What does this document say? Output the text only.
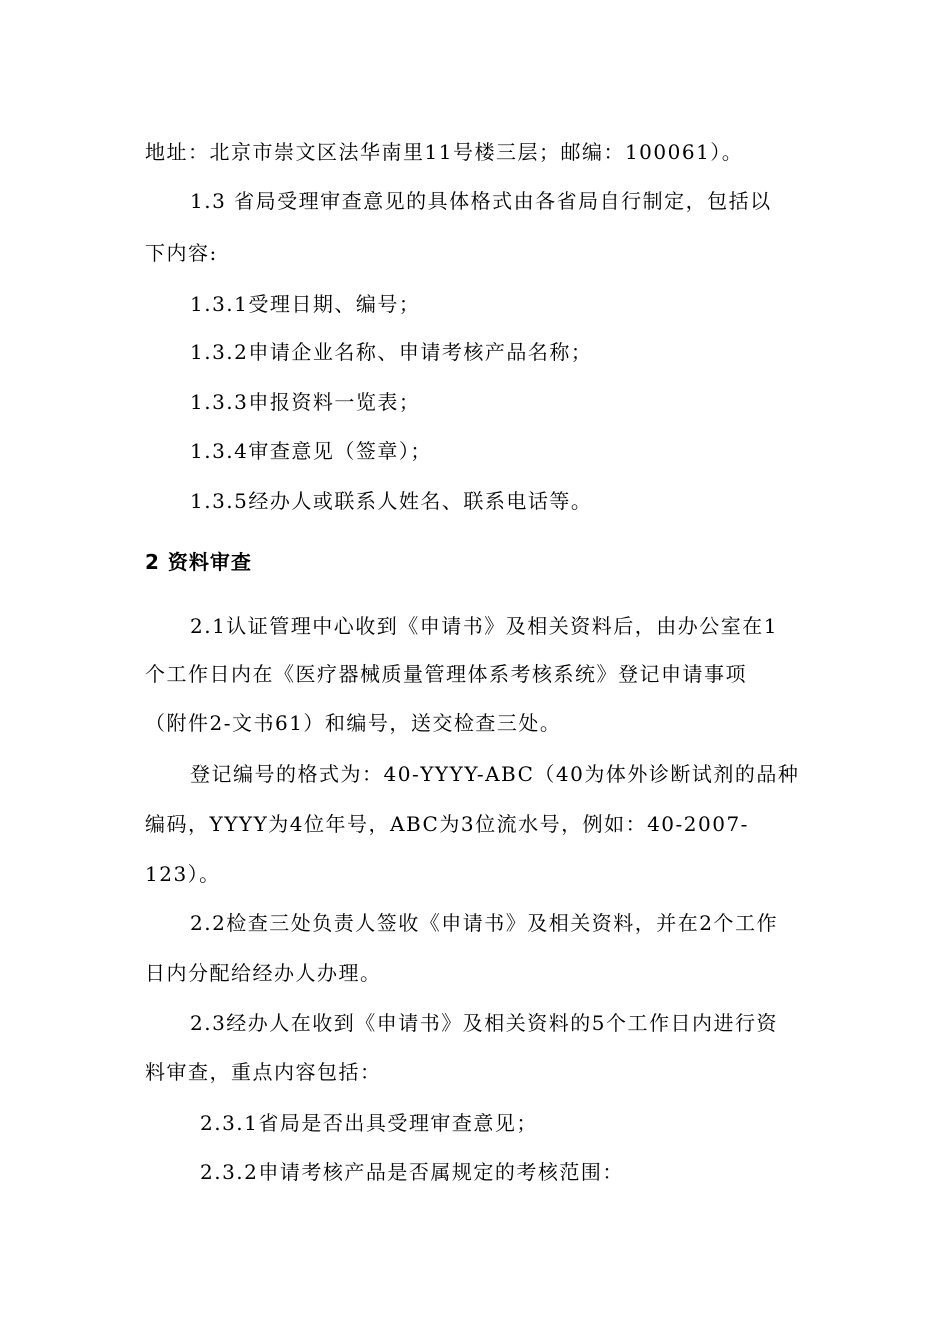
地址：北京市崇文区法华南里11号楼三层；邮编：100061）。
1.3 省局受理审查意见的具体格式由各省局自行制定，包括以
下内容:
1.3.1受理日期、编号；
1.3.2申请企业名称、申请考核产品名称；
1.3.3申报资料一览表；
1.3.4审查意见（签章）；
1.3.5经办人或联系人姓名、联系电话等。
2 资料审查
2.1认证管理中心收到《申请书》及相关资料后，由办公室在1
个工作日内在《医疗器械质量管理体系考核系统》登记申请事项
（附件2-文书61）和编号，送交检查三处。
登记编号的格式为：40-YYYY-ABC（40为体外诊断试剂的品种
编码，YYYY为4位年号，ABC为3位流水号，例如：40-2007-
123）。
2.2检查三处负责人签收《申请书》及相关资料，并在2个工作
日内分配给经办人办理。
2.3经办人在收到《申请书》及相关资料的5个工作日内进行资
料审查，重点内容包括：
2.3.1省局是否出具受理审查意见；
2.3.2申请考核产品是否属规定的考核范围：
